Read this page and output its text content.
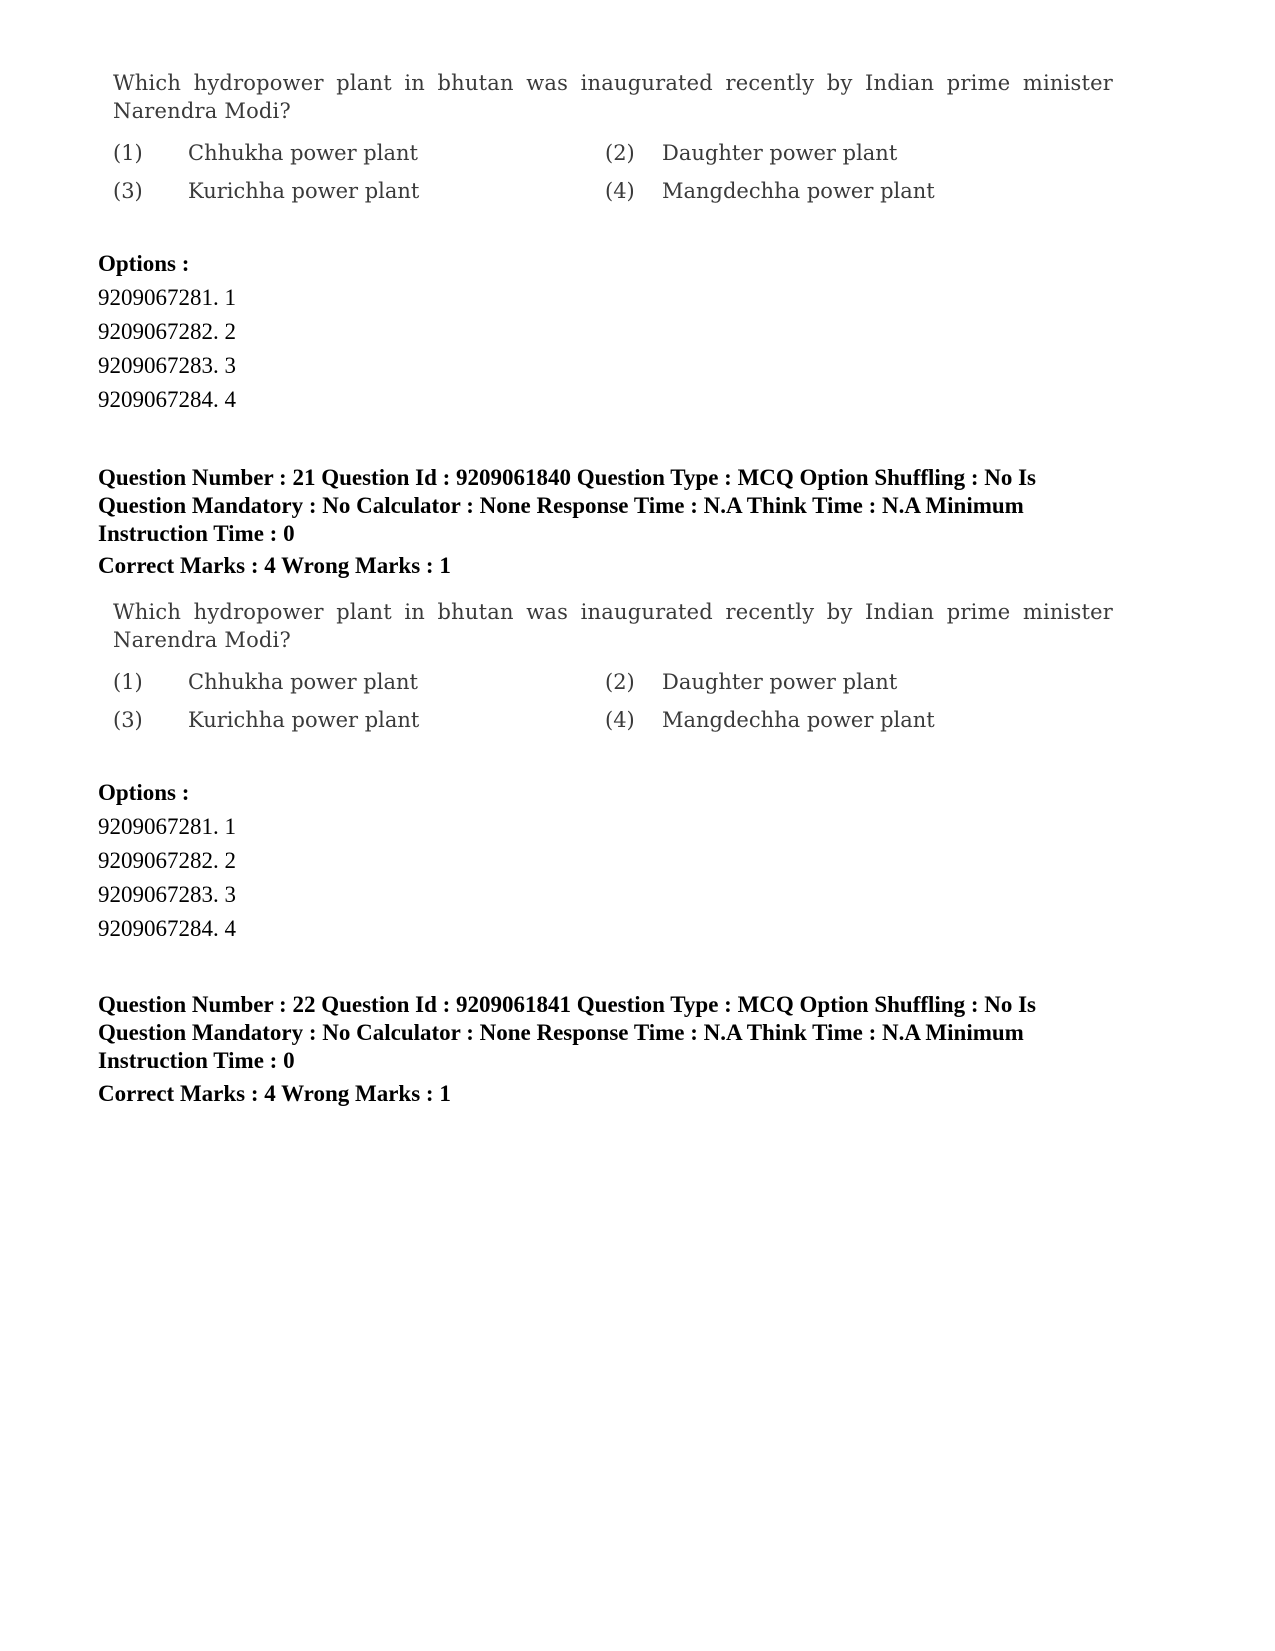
Which hydropower plant in bhutan was inaugurated recently by Indian prime minister
Narendra Modi?

(1) Chhukha power plant	(2) Daughter power plant
(3) Kurichha power plant	(4) Mangdechha power plant
Options :
9209067281. 1
9209067282. 2
9209067283. 3
9209067284. 4

Question Number : 21 Question Id : 9209061840 Question Type : MCQ Option Shuffling : No Is
Question Mandatory : No Calculator : None Response Time : N.A Think Time : N.A Minimum
Instruction Time : 0

Correct Marks : 4 Wrong Marks : 1

Which hydropower plant in bhutan was inaugurated recently by Indian prime minister
Narendra Modi?

(1) Chhukha power plant	(2) Daughter power plant
(3) Kurichha power plant	(4) Mangdechha power plant
Options :
9209067281. 1
9209067282. 2
9209067283. 3
9209067284. 4

Question Number : 22 Question Id : 9209061841 Question Type : MCQ Option Shuffling : No Is
Question Mandatory : No Calculator : None Response Time : N.A Think Time : N.A Minimum
Instruction Time : 0

Correct Marks : 4 Wrong Marks : 1
